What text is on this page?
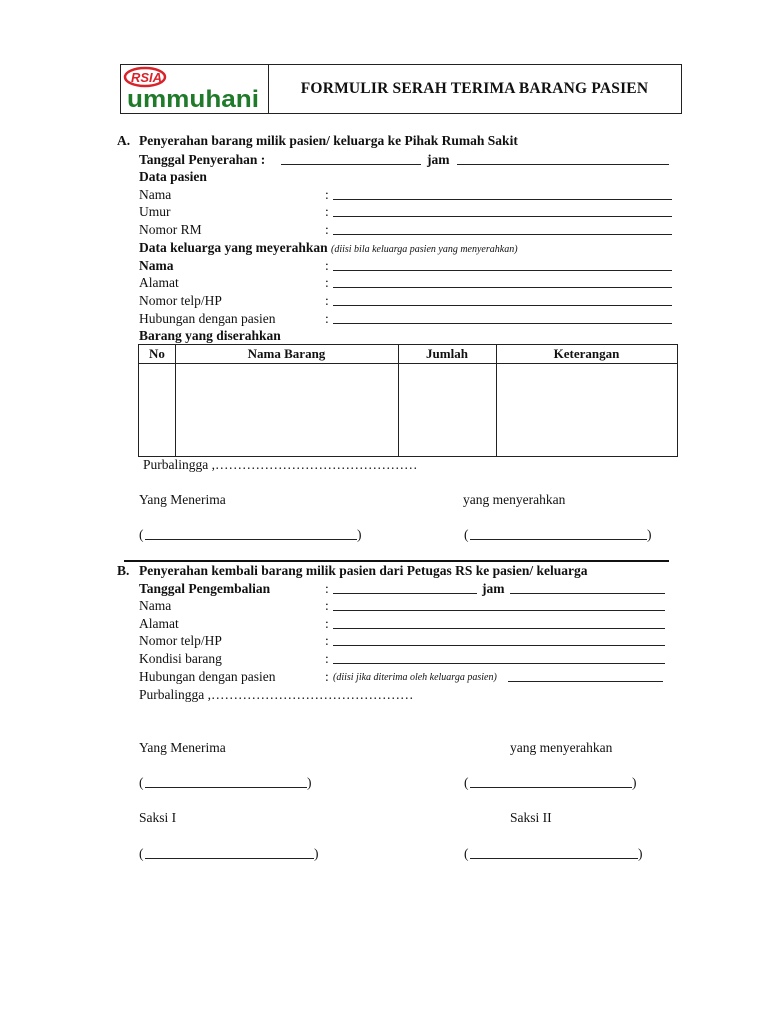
RSIA
ummuhani	FORMULIR SERAH TERIMA BARANG PASIEN
A. Penyerahan barang milik pasien/ keluarga ke Pihak Rumah Sakit
Tanggal Penyerahan :	jam
Data pasien
Nama	:
Umur	:
Nomor RM	:
Data keluarga yang meyerahkan (diisi bila keluarga pasien yang menyerahkan)
Nama	:
Alamat	:
Nomor telp/HP	:
Hubungan dengan pasien	:
Barang yang diserahkan
No	Nama Barang	Jumlah	Keterangan
Purbalingga ,………………………………………
Yang Menerima	yang menyerahkan
(	)	(	)
B. Penyerahan kembali barang milik pasien dari Petugas RS ke pasien/ keluarga
Tanggal Pengembalian	:	jam
Nama	:
Alamat	:
Nomor telp/HP	:
Kondisi barang	:
Hubungan dengan pasien	: (diisi jika diterima oleh keluarga pasien)
Purbalingga ,………………………………………
Yang Menerima	yang menyerahkan
(	)	(	)
Saksi I	Saksi II
(	)	(	)
